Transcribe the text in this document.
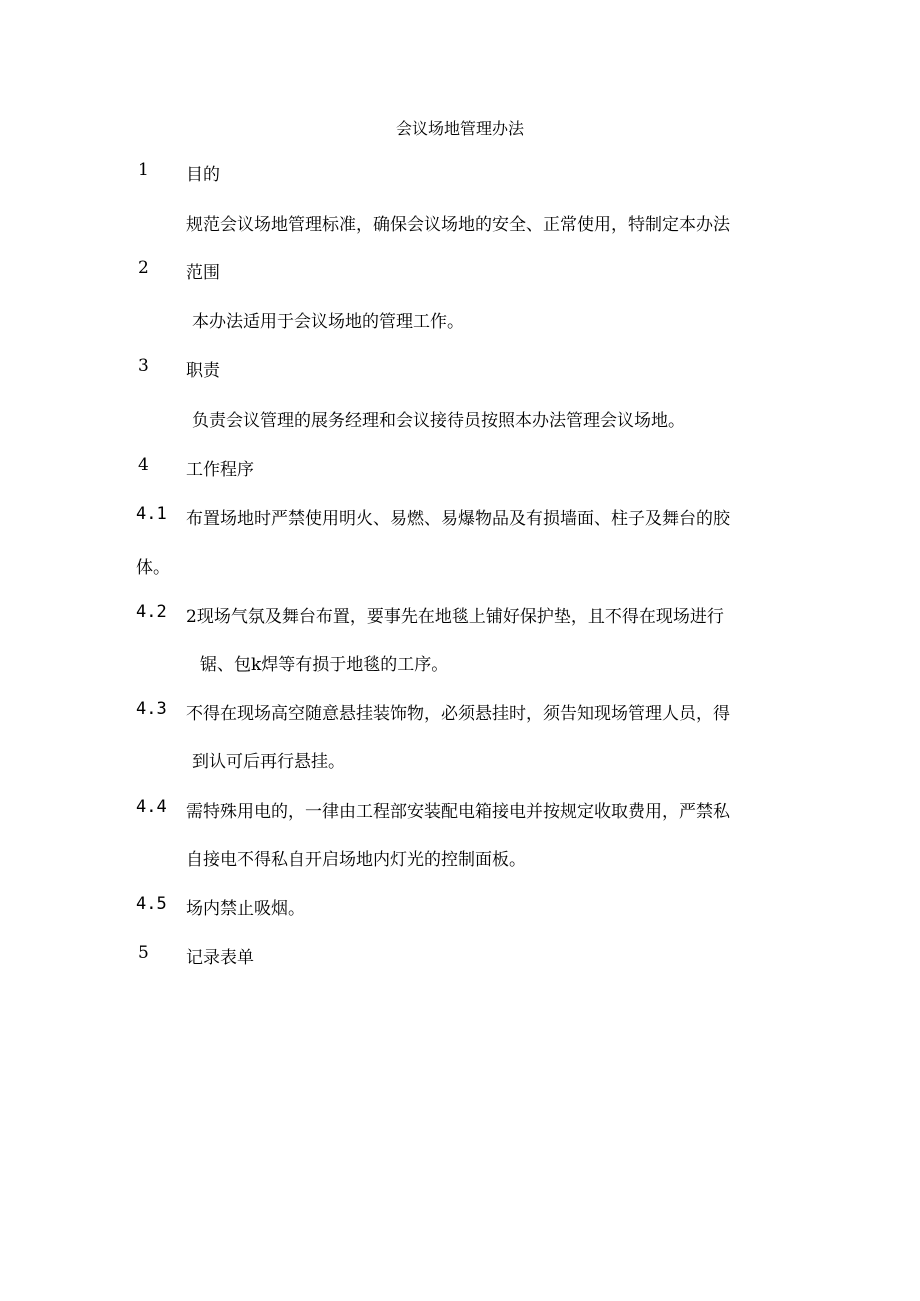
会议场地管理办法
1 目的
规范会议场地管理标准，确保会议场地的安全、正常使用，特制定本办法
2 范围
本办法适用于会议场地的管理工作。
3 职责
负责会议管理的展务经理和会议接待员按照本办法管理会议场地。
4 工作程序
4.1 布置场地时严禁使用明火、易燃、易爆物品及有损墙面、柱子及舞台的胶
体。
4.2 2现场气氛及舞台布置，要事先在地毯上铺好保护垫，且不得在现场进行
锯、包k焊等有损于地毯的工序。
4.3 不得在现场高空随意悬挂装饰物，必须悬挂时，须告知现场管理人员，得
到认可后再行悬挂。
4.4 需特殊用电的，一律由工程部安装配电箱接电并按规定收取费用，严禁私
自接电不得私自开启场地内灯光的控制面板。
4.5 场内禁止吸烟。
5 记录表单
